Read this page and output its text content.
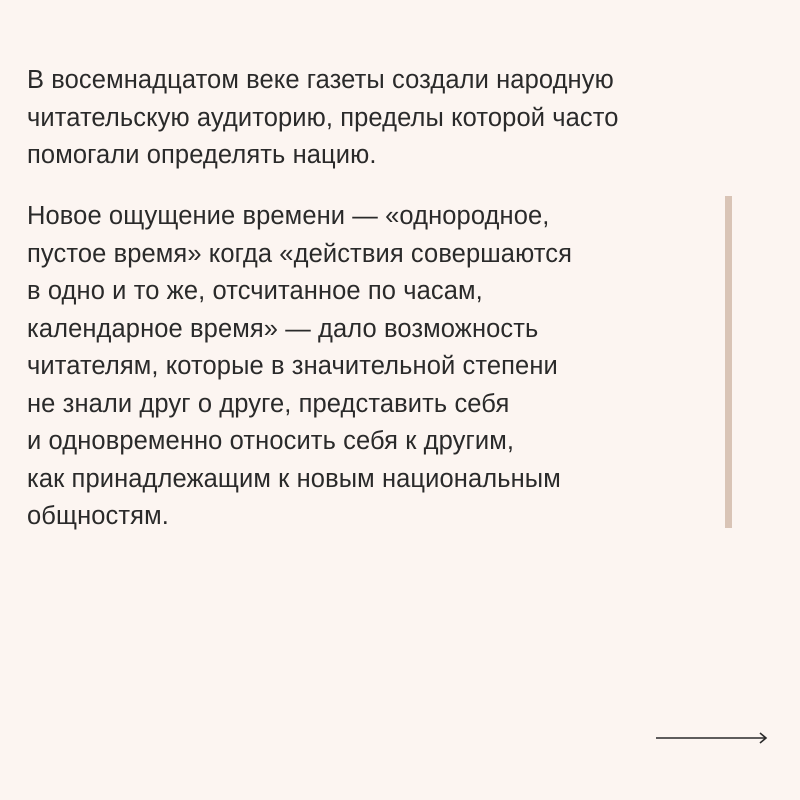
В восемнадцатом веке газеты создали народную
читательскую аудиторию, пределы которой часто
помогали определять нацию.

Новое ощущение времени — «однородное,
пустое время» когда «действия совершаются
в одно и то же, отсчитанное по часам,
календарное время» — дало возможность
читателям, которые в значительной степени
не знали друг о друге, представить себя
и одновременно относить себя к другим,
как принадлежащим к новым национальным
общностям.
